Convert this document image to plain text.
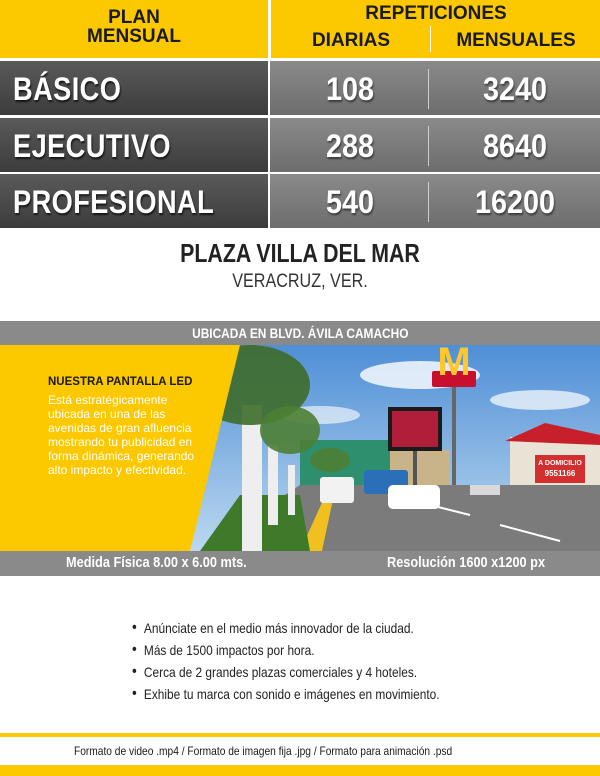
PLAN
MENSUAL
REPETICIONES
DIARIAS	MENSUALES
BÁSICO	108	3240
EJECUTIVO	288	8640
PROFESIONAL	540	16200
PLAZA VILLA DEL MAR
VERACRUZ, VER.
UBICADA EN BLVD. ÁVILA CAMACHO
A DOMICILIO
9551166
M
NUESTRA PANTALLA LED
Está estratégicamente ubicada en una de las avenidas de gran afluencia mostrando tu publicidad en forma dinámica, generando alto impacto y efectividad.
Medida Física 8.00 x 6.00 mts.	Resolución 1600 x1200 px
• Anúnciate en el medio más innovador de la ciudad.
• Más de 1500 impactos por hora.
• Cerca de 2 grandes plazas comerciales y 4 hoteles.
• Exhibe tu marca con sonido e imágenes en movimiento.
Formato de video .mp4 / Formato de imagen fija .jpg / Formato para animación .psd
